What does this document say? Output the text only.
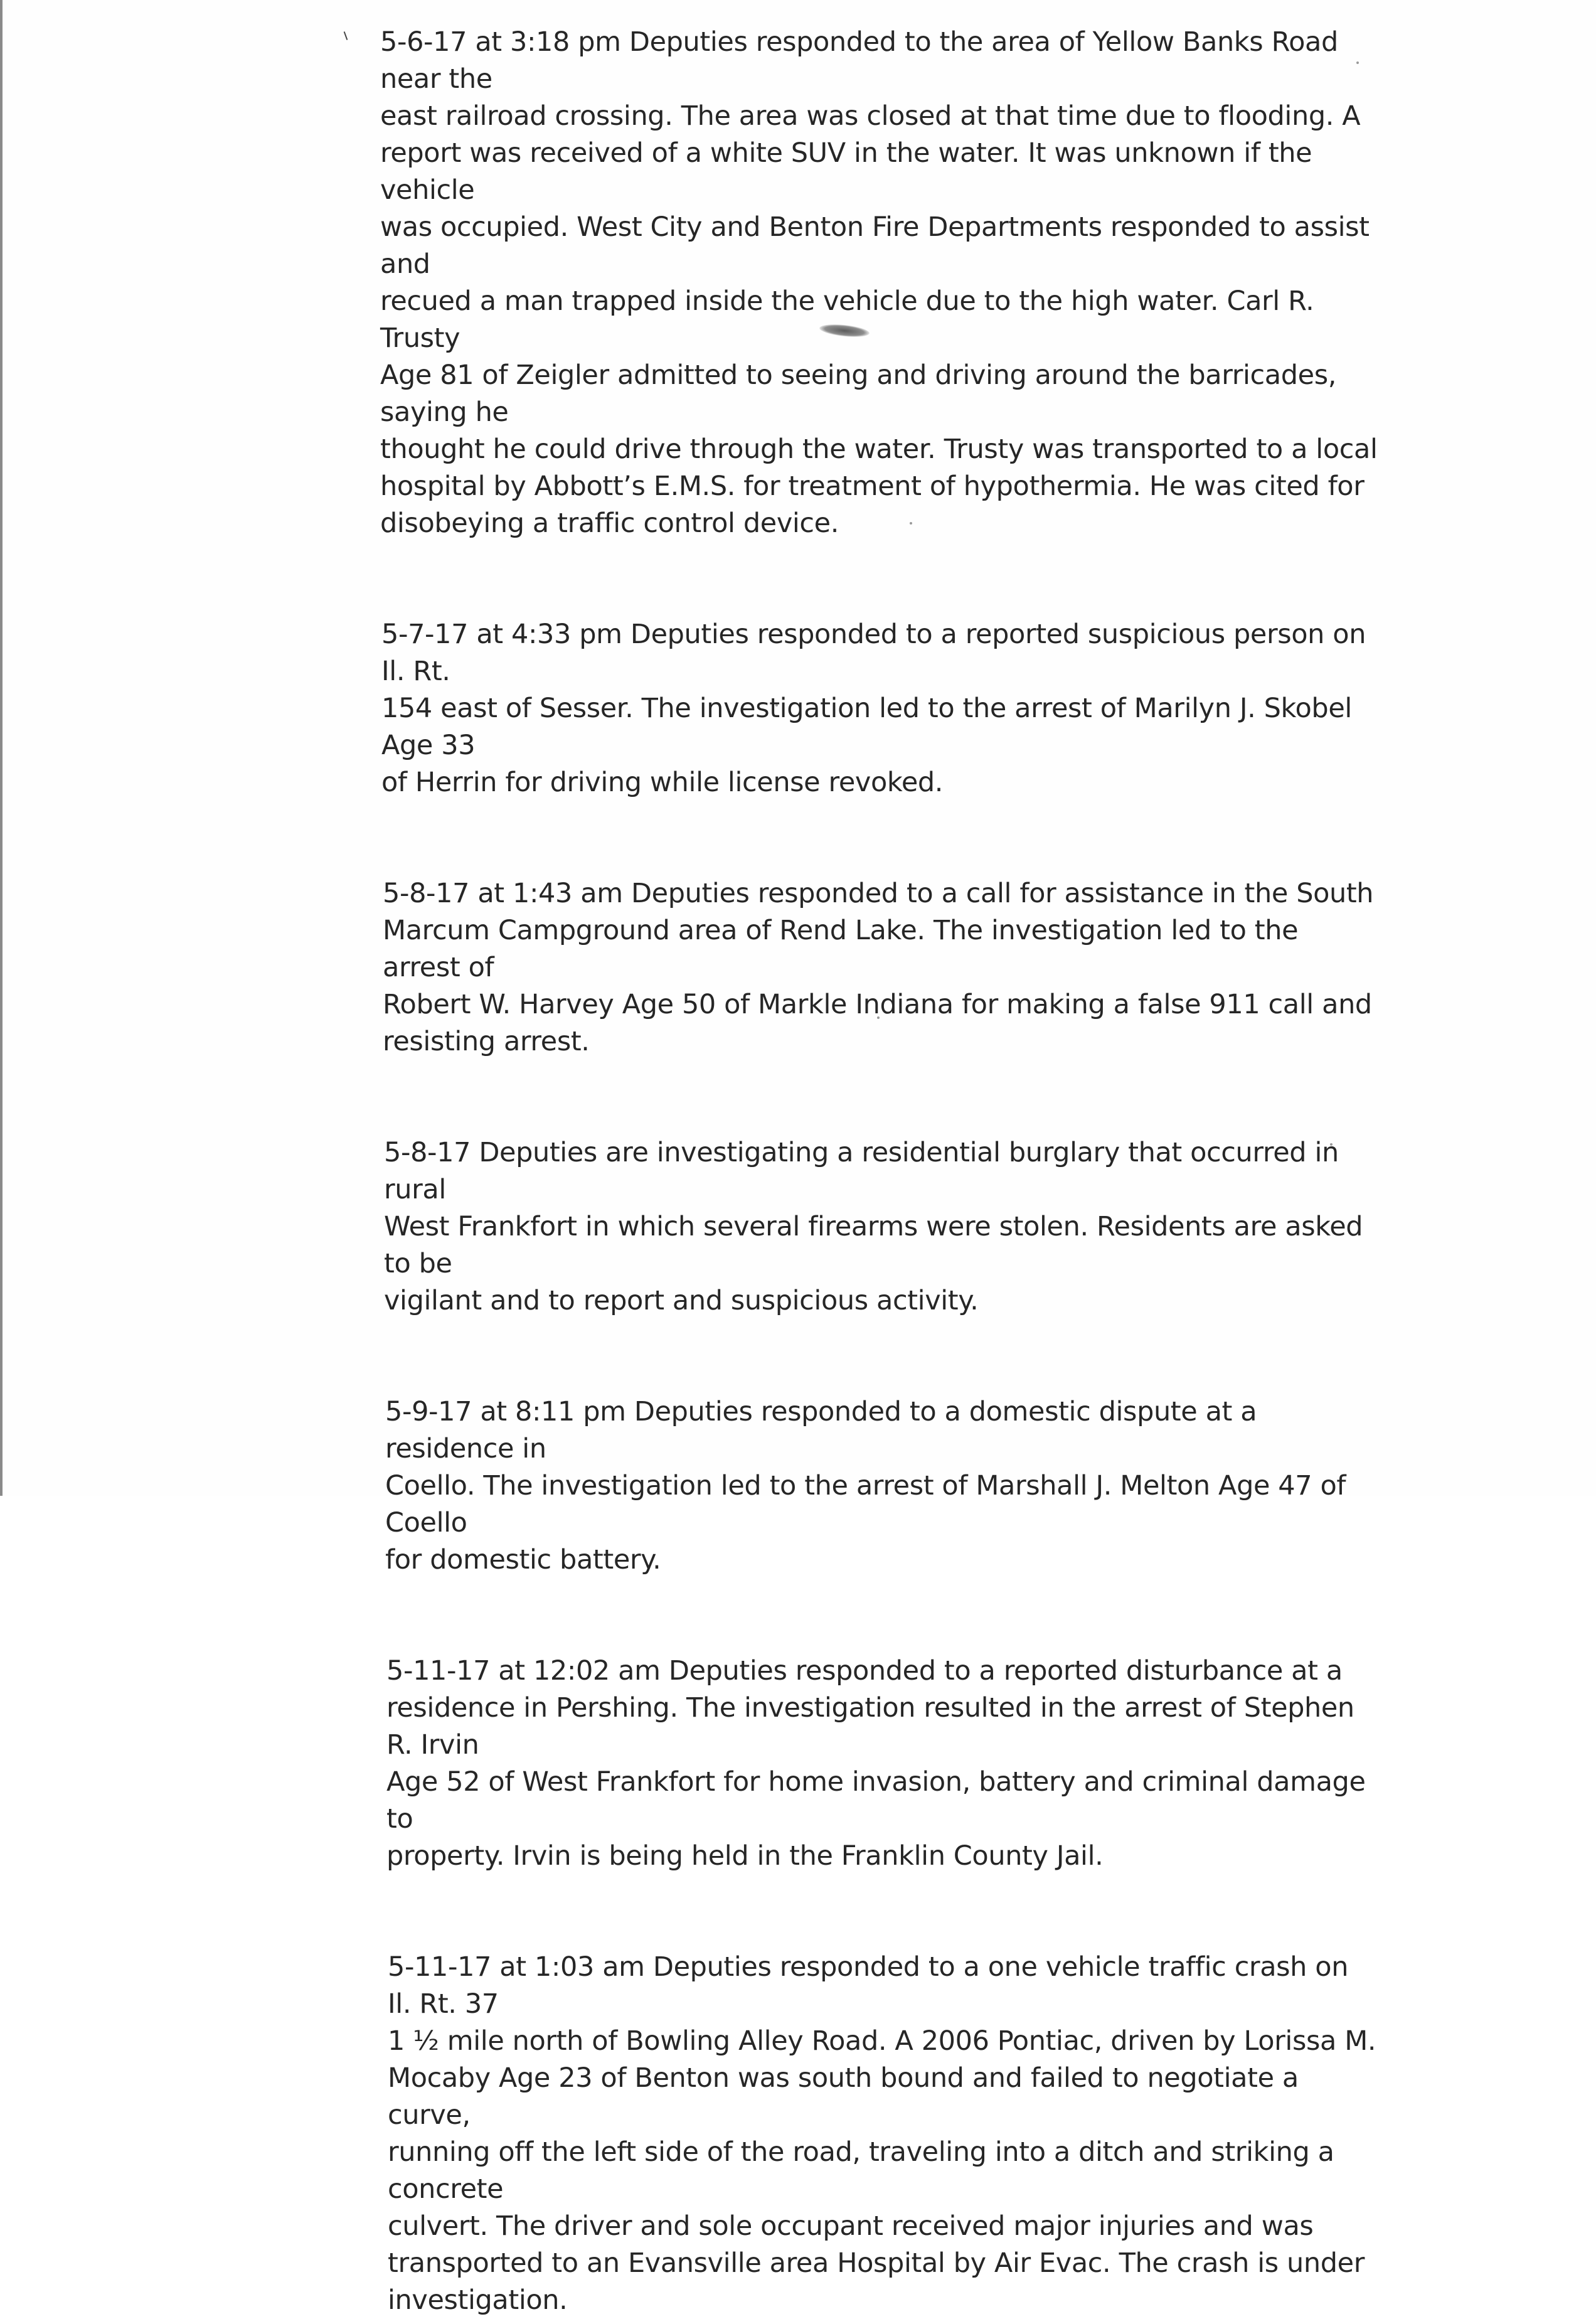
5-6-17 at 3:18 pm Deputies responded to the area of Yellow Banks Road near the
east railroad crossing. The area was closed at that time due to flooding. A
report was received of a white SUV in the water. It was unknown if the vehicle
was occupied. West City and Benton Fire Departments responded to assist and
recued a man trapped inside the vehicle due to the high water. Carl R. Trusty
Age 81 of Zeigler admitted to seeing and driving around the barricades, saying he
thought he could drive through the water. Trusty was transported to a local
hospital by Abbott’s E.M.S. for treatment of hypothermia. He was cited for
disobeying a traffic control device.

5-7-17 at 4:33 pm Deputies responded to a reported suspicious person on Il. Rt.
154 east of Sesser. The investigation led to the arrest of Marilyn J. Skobel Age 33
of Herrin for driving while license revoked.

5-8-17 at 1:43 am Deputies responded to a call for assistance in the South
Marcum Campground area of Rend Lake. The investigation led to the arrest of
Robert W. Harvey Age 50 of Markle Indiana for making a false 911 call and
resisting arrest.

5-8-17 Deputies are investigating a residential burglary that occurred in rural
West Frankfort in which several firearms were stolen. Residents are asked to be
vigilant and to report and suspicious activity.

5-9-17 at 8:11 pm Deputies responded to a domestic dispute at a residence in
Coello. The investigation led to the arrest of Marshall J. Melton Age 47 of Coello
for domestic battery.

5-11-17 at 12:02 am Deputies responded to a reported disturbance at a
residence in Pershing. The investigation resulted in the arrest of Stephen R. Irvin
Age 52 of West Frankfort for home invasion, battery and criminal damage to
property. Irvin is being held in the Franklin County Jail.

5-11-17 at 1:03 am Deputies responded to a one vehicle traffic crash on Il. Rt. 37
1 ½ mile north of Bowling Alley Road. A 2006 Pontiac, driven by Lorissa M.
Mocaby Age 23 of Benton was south bound and failed to negotiate a curve,
running off the left side of the road, traveling into a ditch and striking a concrete
culvert. The driver and sole occupant received major injuries and was
transported to an Evansville area Hospital by Air Evac. The crash is under
investigation.
